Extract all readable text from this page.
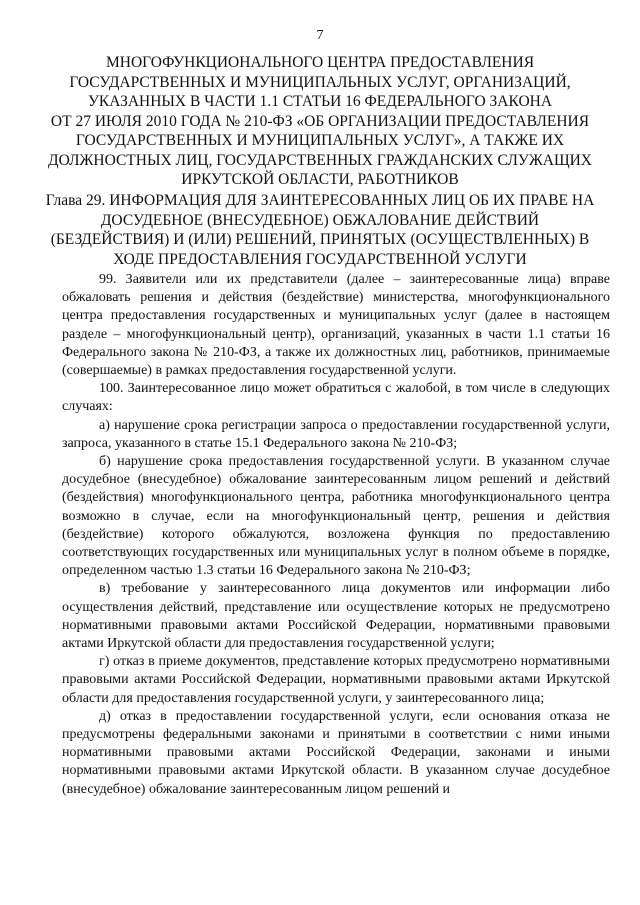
7
МНОГОФУНКЦИОНАЛЬНОГО ЦЕНТРА ПРЕДОСТАВЛЕНИЯ
ГОСУДАРСТВЕННЫХ И МУНИЦИПАЛЬНЫХ УСЛУГ, ОРГАНИЗАЦИЙ,
УКАЗАННЫХ В ЧАСТИ 1.1 СТАТЬИ 16 ФЕДЕРАЛЬНОГО ЗАКОНА
ОТ 27 ИЮЛЯ 2010 ГОДА № 210-ФЗ «ОБ ОРГАНИЗАЦИИ ПРЕДОСТАВЛЕНИЯ
ГОСУДАРСТВЕННЫХ И МУНИЦИПАЛЬНЫХ УСЛУГ», А ТАКЖЕ ИХ
ДОЛЖНОСТНЫХ ЛИЦ, ГОСУДАРСТВЕННЫХ ГРАЖДАНСКИХ СЛУЖАЩИХ
ИРКУТСКОЙ ОБЛАСТИ, РАБОТНИКОВ
Глава 29. ИНФОРМАЦИЯ ДЛЯ ЗАИНТЕРЕСОВАННЫХ ЛИЦ ОБ ИХ ПРАВЕ НА
ДОСУДЕБНОЕ (ВНЕСУДЕБНОЕ) ОБЖАЛОВАНИЕ ДЕЙСТВИЙ
(БЕЗДЕЙСТВИЯ) И (ИЛИ) РЕШЕНИЙ, ПРИНЯТЫХ (ОСУЩЕСТВЛЕННЫХ) В
ХОДЕ ПРЕДОСТАВЛЕНИЯ ГОСУДАРСТВЕННОЙ УСЛУГИ

99. Заявители или их представители (далее – заинтересованные лица) вправе обжаловать решения и действия (бездействие) министерства, многофункционального центра предоставления государственных и муниципальных услуг (далее в настоящем разделе – многофункциональный центр), организаций, указанных в части 1.1 статьи 16 Федерального закона № 210-ФЗ, а также их должностных лиц, работников, принимаемые (совершаемые) в рамках предоставления государственной услуги.

100. Заинтересованное лицо может обратиться с жалобой, в том числе в следующих случаях:

а) нарушение срока регистрации запроса о предоставлении государственной услуги, запроса, указанного в статье 15.1 Федерального закона № 210-ФЗ;

б) нарушение срока предоставления государственной услуги. В указанном случае досудебное (внесудебное) обжалование заинтересованным лицом решений и действий (бездействия) многофункционального центра, работника многофункционального центра возможно в случае, если на многофункциональный центр, решения и действия (бездействие) которого обжалуются, возложена функция по предоставлению соответствующих государственных или муниципальных услуг в полном объеме в порядке, определенном частью 1.3 статьи 16 Федерального закона № 210-ФЗ;

в) требование у заинтересованного лица документов или информации либо осуществления действий, представление или осуществление которых не предусмотрено нормативными правовыми актами Российской Федерации, нормативными правовыми актами Иркутской области для предоставления государственной услуги;

г) отказ в приеме документов, представление которых предусмотрено нормативными правовыми актами Российской Федерации, нормативными правовыми актами Иркутской области для предоставления государственной услуги, у заинтересованного лица;

д) отказ в предоставлении государственной услуги, если основания отказа не предусмотрены федеральными законами и принятыми в соответствии с ними иными нормативными правовыми актами Российской Федерации, законами и иными нормативными правовыми актами Иркутской области. В указанном случае досудебное (внесудебное) обжалование заинтересованным лицом решений и
